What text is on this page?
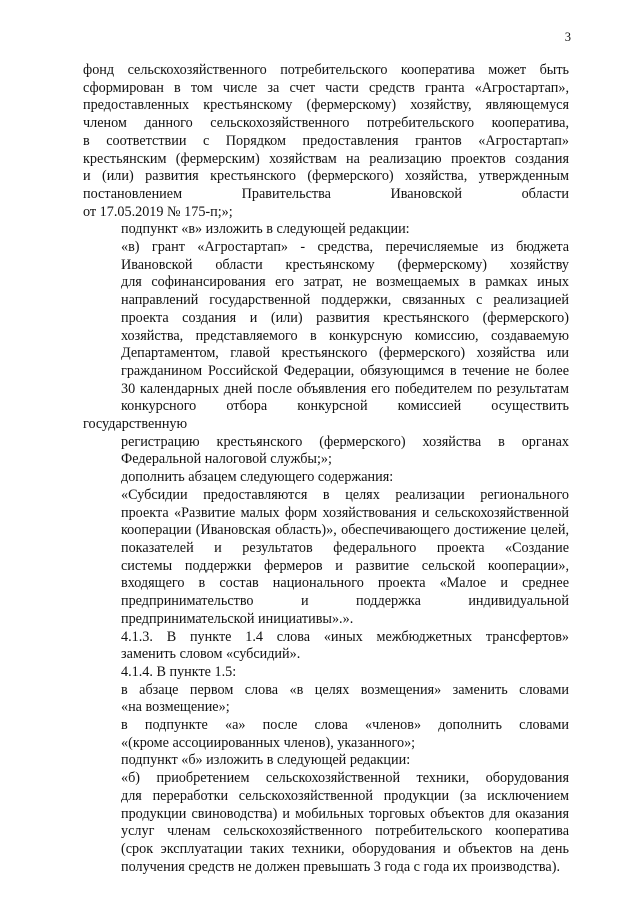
3

фонд сельскохозяйственного потребительского кооператива может быть
сформирован в том числе за счет части средств гранта «Агростартап»,
предоставленных крестьянскому (фермерскому) хозяйству, являющемуся
членом данного сельскохозяйственного потребительского кооператива,
в соответствии с Порядком предоставления грантов «Агростартап»
крестьянским (фермерским) хозяйствам на реализацию проектов создания
и (или) развития крестьянского (фермерского) хозяйства, утвержденным
постановлением Правительства Ивановской области
от 17.05.2019 № 175-п;»;

подпункт «в» изложить в следующей редакции:

«в) грант «Агростартап» - средства, перечисляемые из бюджета
Ивановской области крестьянскому (фермерскому) хозяйству
для софинансирования его затрат, не возмещаемых в рамках иных
направлений государственной поддержки, связанных с реализацией
проекта создания и (или) развития крестьянского (фермерского)
хозяйства, представляемого в конкурсную комиссию, создаваемую
Департаментом, главой крестьянского (фермерского) хозяйства или
гражданином Российской Федерации, обязующимся в течение не более
30 календарных дней после объявления его победителем по результатам
конкурсного отбора конкурсной комиссией осуществить государственную
регистрацию крестьянского (фермерского) хозяйства в органах
Федеральной налоговой службы;»;

дополнить абзацем следующего содержания:

«Субсидии предоставляются в целях реализации регионального
проекта «Развитие малых форм хозяйствования и сельскохозяйственной
кооперации (Ивановская область)», обеспечивающего достижение целей,
показателей и результатов федерального проекта «Создание
системы поддержки фермеров и развитие сельской кооперации»,
входящего в состав национального проекта «Малое и среднее
предпринимательство и поддержка индивидуальной
предпринимательской инициативы».».

4.1.3. В пункте 1.4 слова «иных межбюджетных трансфертов»
заменить словом «субсидий».

4.1.4. В пункте 1.5:

в абзаце первом слова «в целях возмещения» заменить словами
«на возмещение»;

в подпункте «а» после слова «членов» дополнить словами
«(кроме ассоциированных членов), указанного»;

подпункт «б» изложить в следующей редакции:

«б) приобретением сельскохозяйственной техники, оборудования
для переработки сельскохозяйственной продукции (за исключением
продукции свиноводства) и мобильных торговых объектов для оказания
услуг членам сельскохозяйственного потребительского кооператива
(срок эксплуатации таких техники, оборудования и объектов на день
получения средств не должен превышать 3 года с года их производства).
